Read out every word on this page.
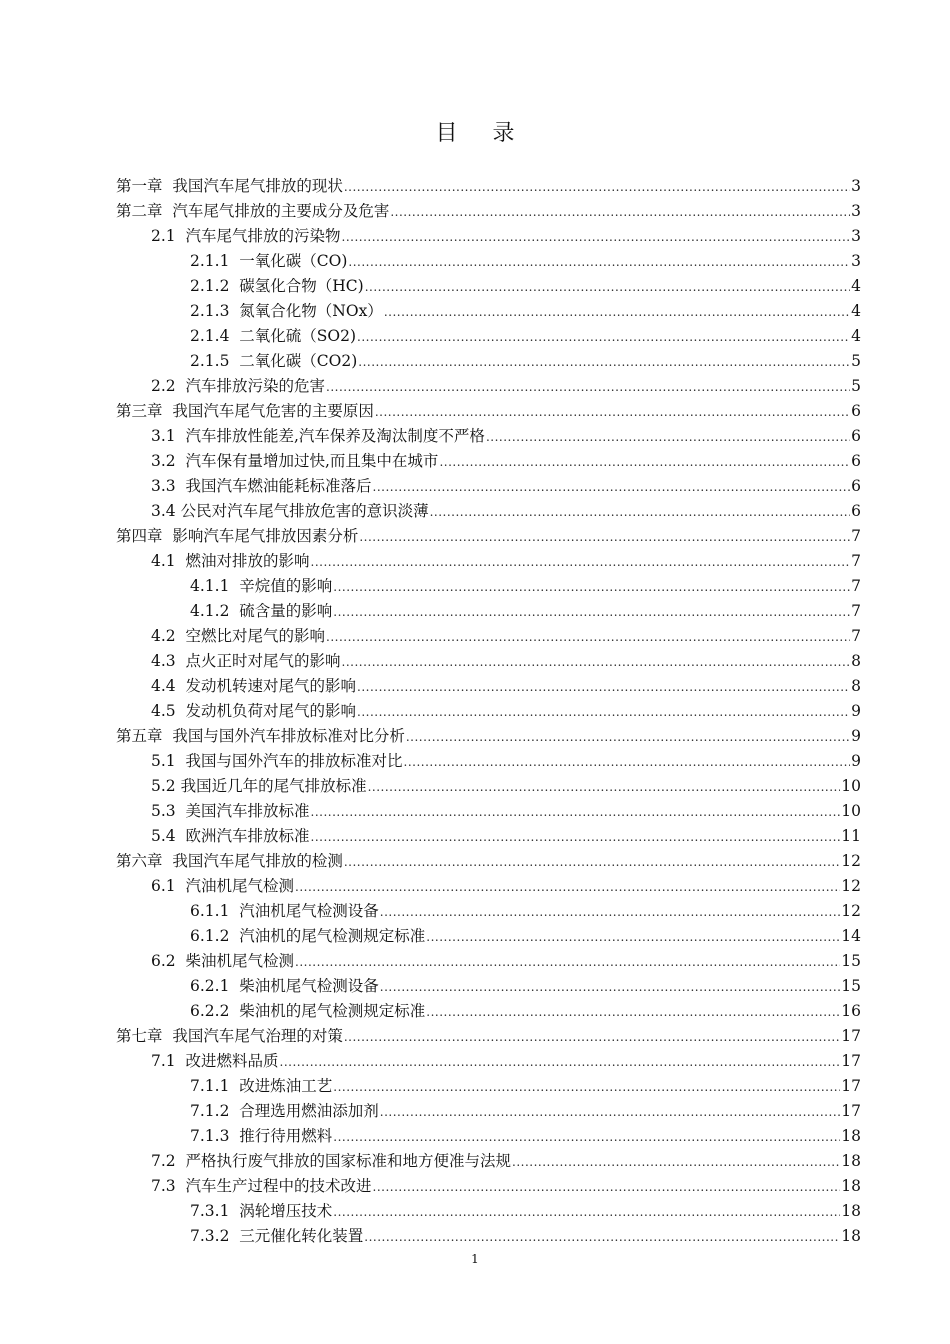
目 录
第一章  我国汽车尾气排放的现状 .....	3
第二章  汽车尾气排放的主要成分及危害 .....	3
2.1  汽车尾气排放的污染物 .....	3
2.1.1  一氧化碳（CO) .....	3
2.1.2  碳氢化合物（HC) .....	4
2.1.3  氮氧合化物（NOx） .....	4
2.1.4  二氧化硫（SO2) .....	4
2.1.5  二氧化碳（CO2) .....	5
2.2  汽车排放污染的危害 .....	5
第三章  我国汽车尾气危害的主要原因 .....	6
3.1  汽车排放性能差,汽车保养及淘汰制度不严格 .....	6
3.2  汽车保有量增加过快,而且集中在城市 .....	6
3.3  我国汽车燃油能耗标准落后 .....	6
3.4 公民对汽车尾气排放危害的意识淡薄 .....	6
第四章  影响汽车尾气排放因素分析 .....	7
4.1  燃油对排放的影响 .....	7
4.1.1  辛烷值的影响 .....	7
4.1.2  硫含量的影响 .....	7
4.2  空燃比对尾气的影响 .....	7
4.3  点火正时对尾气的影响 .....	8
4.4  发动机转速对尾气的影响 .....	8
4.5  发动机负荷对尾气的影响 .....	9
第五章  我国与国外汽车排放标准对比分析 .....	9
5.1  我国与国外汽车的排放标准对比 .....	9
5.2 我国近几年的尾气排放标准 .....	10
5.3  美国汽车排放标准 .....	10
5.4  欧洲汽车排放标准 .....	11
第六章  我国汽车尾气排放的检测 .....	12
6.1  汽油机尾气检测 .....	12
6.1.1  汽油机尾气检测设备 .....	12
6.1.2  汽油机的尾气检测规定标准 .....	14
6.2  柴油机尾气检测 .....	15
6.2.1  柴油机尾气检测设备 .....	15
6.2.2  柴油机的尾气检测规定标准 .....	16
第七章  我国汽车尾气治理的对策 .....	17
7.1  改进燃料品质 .....	17
7.1.1  改进炼油工艺 .....	17
7.1.2  合理选用燃油添加剂 .....	17
7.1.3  推行待用燃料 .....	18
7.2  严格执行废气排放的国家标准和地方便准与法规 .....	18
7.3  汽车生产过程中的技术改进 .....	18
7.3.1  涡轮增压技术 .....	18
7.3.2  三元催化转化装置 .....	18
1
